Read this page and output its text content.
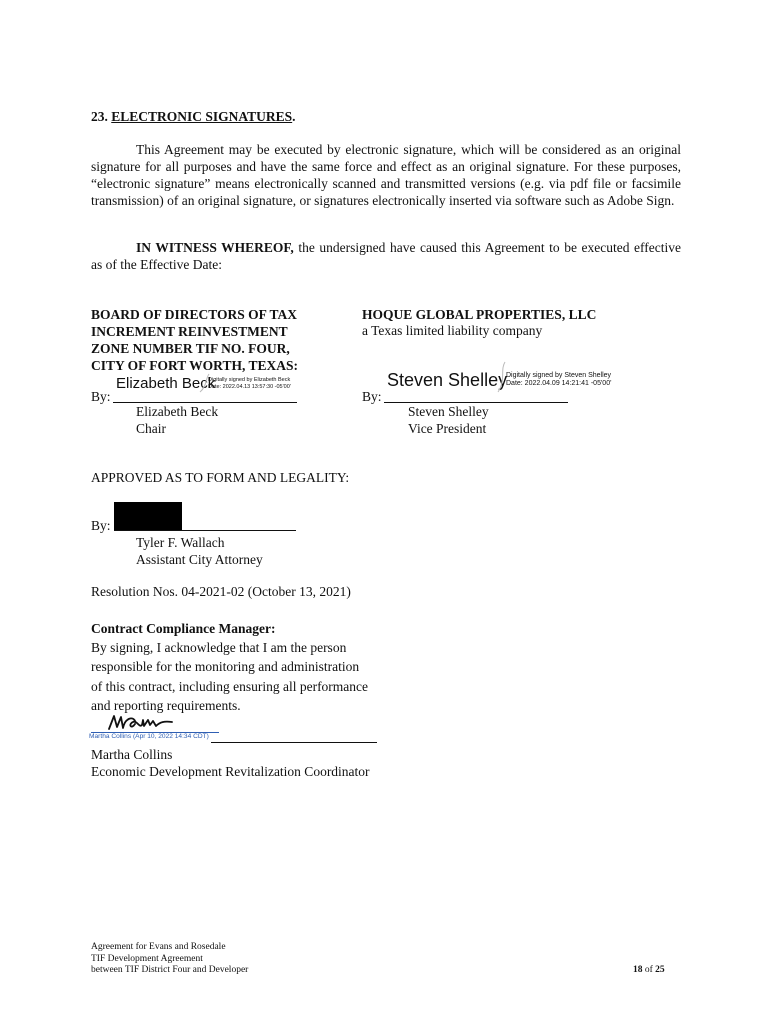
23. ELECTRONIC SIGNATURES.
This Agreement may be executed by electronic signature, which will be considered as an original signature for all purposes and have the same force and effect as an original signature. For these purposes, “electronic signature” means electronically scanned and transmitted versions (e.g. via pdf file or facsimile transmission) of an original signature, or signatures electronically inserted via software such as Adobe Sign.
IN WITNESS WHEREOF, the undersigned have caused this Agreement to be executed effective as of the Effective Date:
BOARD OF DIRECTORS OF TAX
INCREMENT REINVESTMENT
ZONE NUMBER TIF NO. FOUR,
CITY OF FORT WORTH, TEXAS:
Elizabeth Beck
Digitally signed by Elizabeth Beck
Date: 2022.04.13 13:57:30 -05'00'
By:
Elizabeth Beck
Chair
HOQUE GLOBAL PROPERTIES, LLC
a Texas limited liability company
Steven Shelley
Digitally signed by Steven Shelley
Date: 2022.04.09 14:21:41 -05'00'
By:
Steven Shelley
Vice President
APPROVED AS TO FORM AND LEGALITY:
By:
Tyler F. Wallach
Assistant City Attorney
Resolution Nos. 04-2021-02 (October 13, 2021)
Contract Compliance Manager:
By signing, I acknowledge that I am the person
responsible for the monitoring and administration
of this contract, including ensuring all performance
and reporting requirements.
Martha Collins (Apr 10, 2022 14:34 CDT)
Martha Collins
Economic Development Revitalization Coordinator
Agreement for Evans and Rosedale
TIF Development Agreement
between TIF District Four and Developer	18 of 25
